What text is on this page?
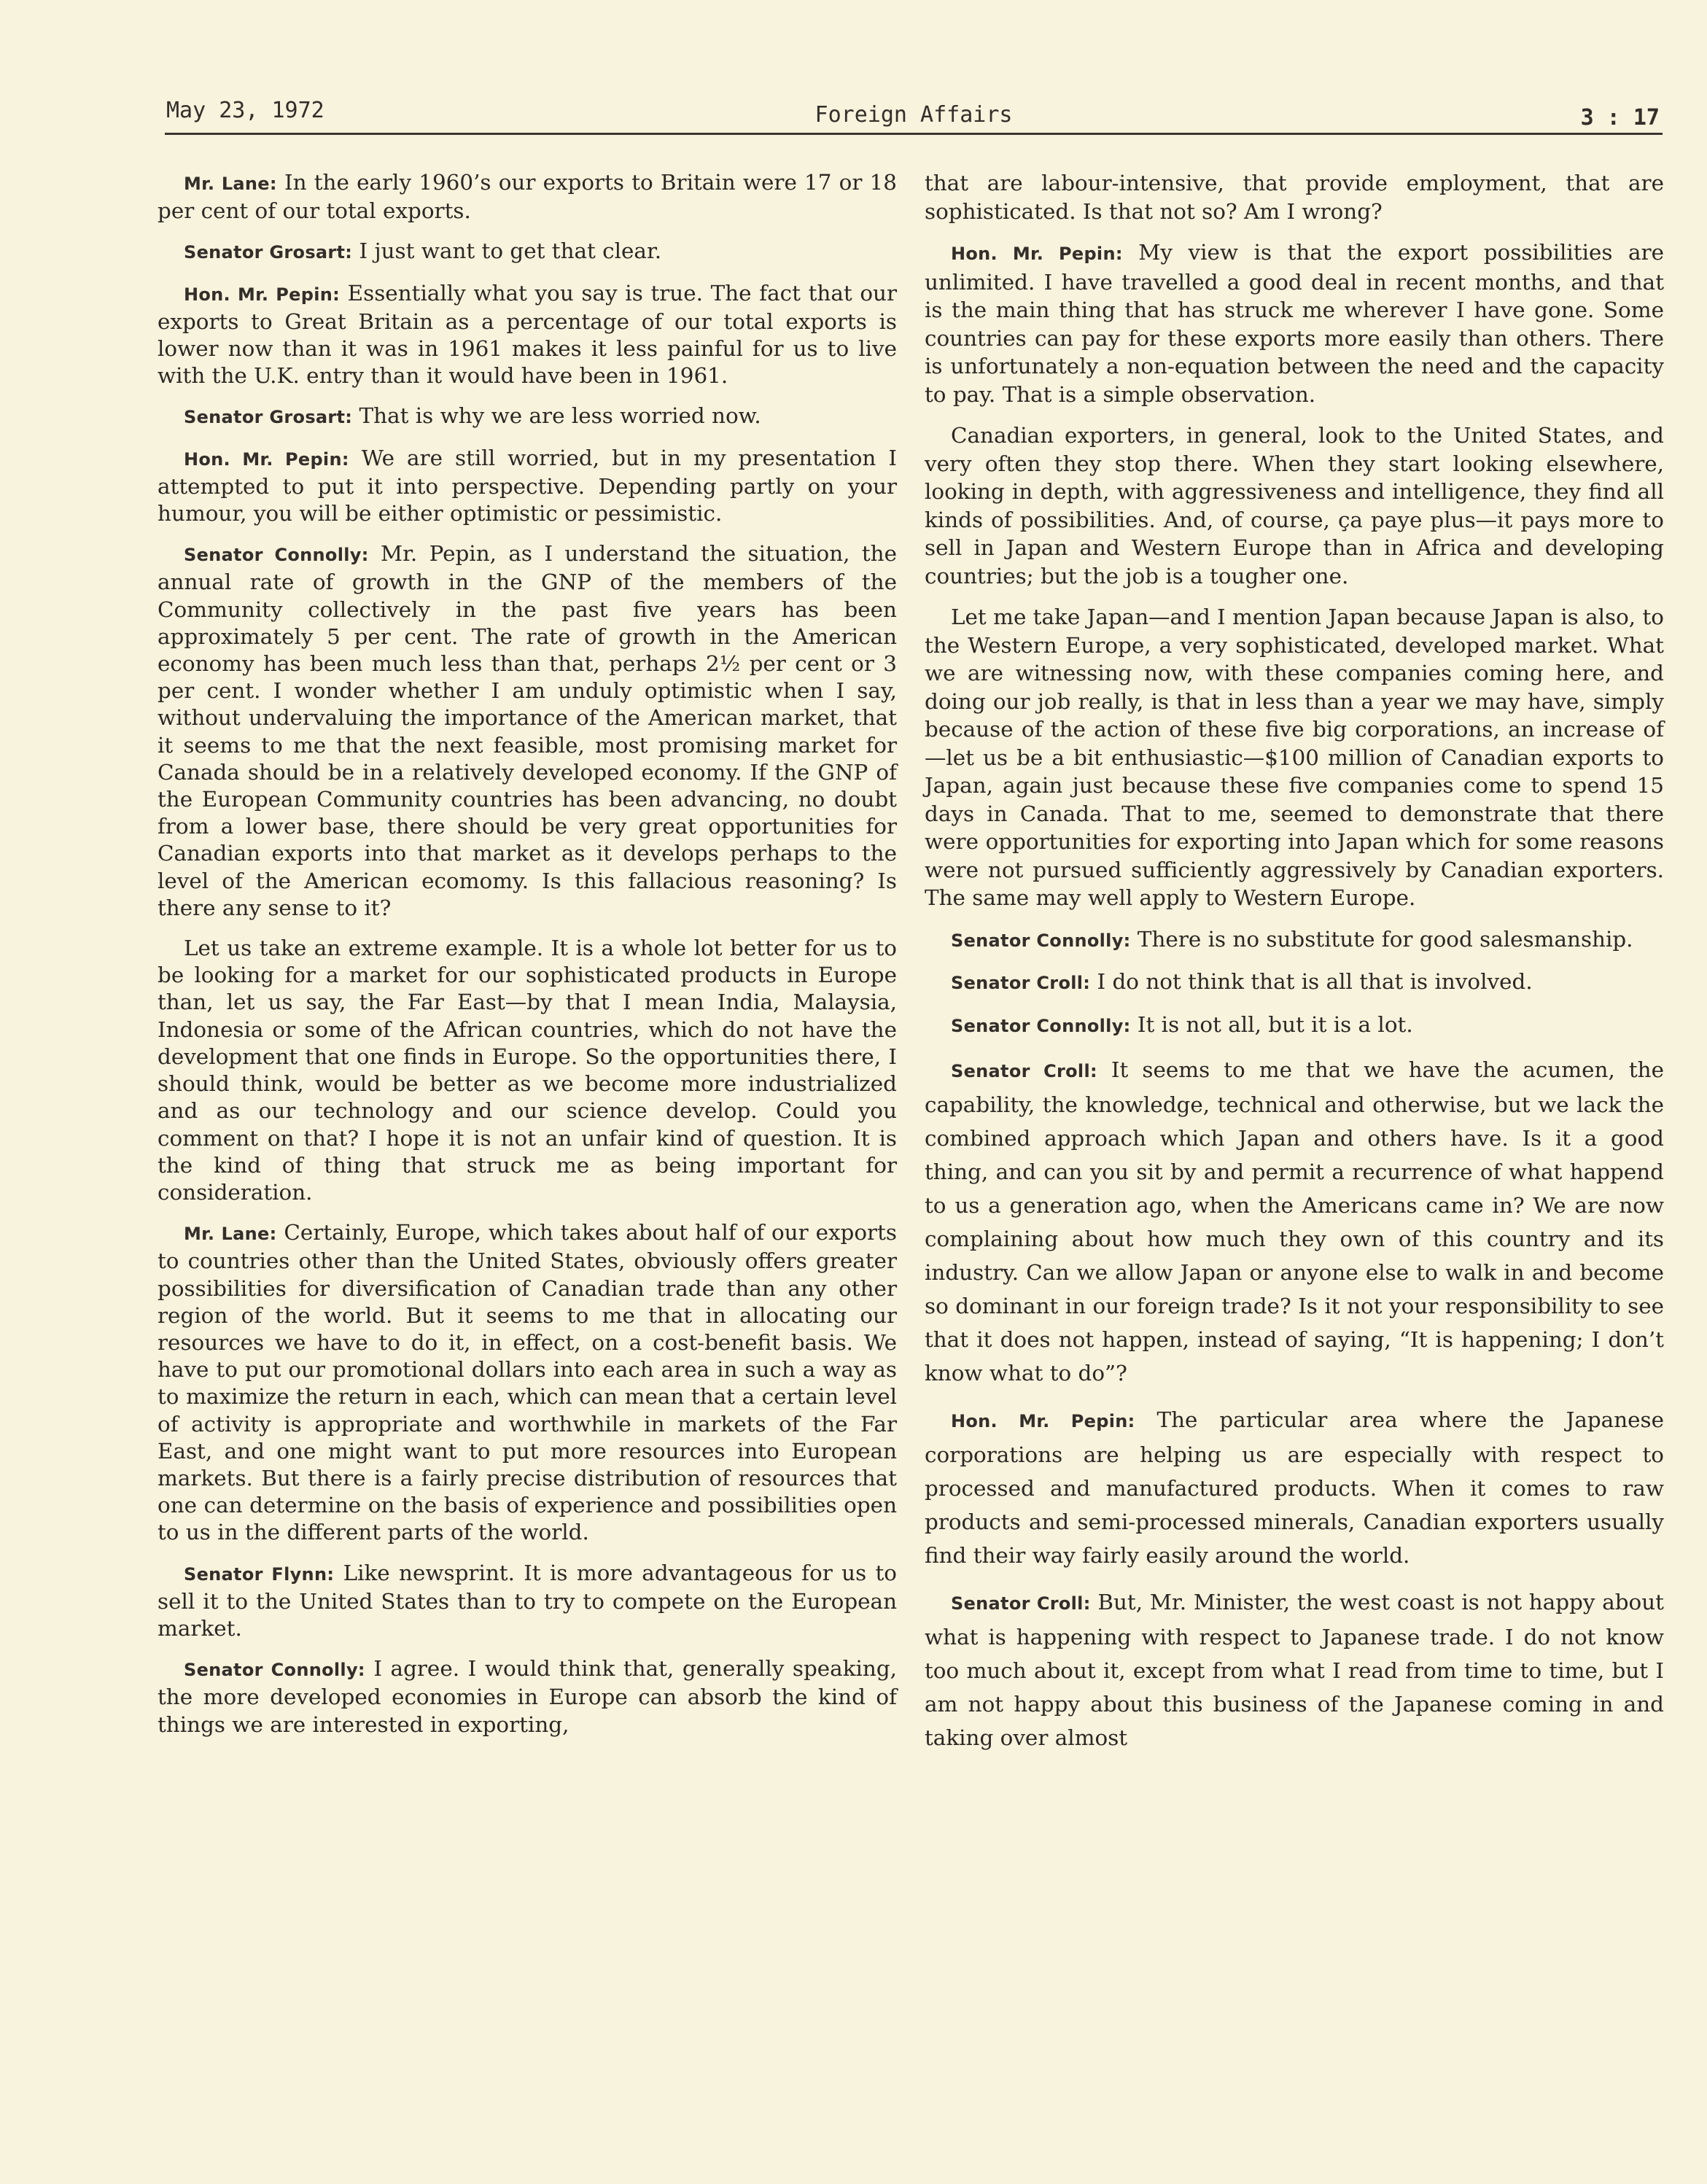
May 23, 1972	Foreign Affairs	3 : 17

Mr. Lane: In the early 1960’s our exports to Britain were 17 or 18 per cent of our total exports.

Senator Grosart: I just want to get that clear.

Hon. Mr. Pepin: Essentially what you say is true. The fact that our exports to Great Britain as a percentage of our total exports is lower now than it was in 1961 makes it less painful for us to live with the U.K. entry than it would have been in 1961.

Senator Grosart: That is why we are less worried now.

Hon. Mr. Pepin: We are still worried, but in my presentation I attempted to put it into perspective. Depending partly on your humour, you will be either optimistic or pessimistic.

Senator Connolly: Mr. Pepin, as I understand the situation, the annual rate of growth in the GNP of the members of the Community collectively in the past five years has been approximately 5 per cent. The rate of growth in the American economy has been much less than that, perhaps 2½ per cent or 3 per cent. I wonder whether I am unduly optimistic when I say, without undervaluing the importance of the American market, that it seems to me that the next feasible, most promising market for Canada should be in a relatively developed economy. If the GNP of the European Community countries has been advancing, no doubt from a lower base, there should be very great opportunities for Canadian exports into that market as it develops perhaps to the level of the American ecomomy. Is this fallacious reasoning? Is there any sense to it?

Let us take an extreme example. It is a whole lot better for us to be looking for a market for our sophisticated products in Europe than, let us say, the Far East—by that I mean India, Malaysia, Indonesia or some of the African countries, which do not have the development that one finds in Europe. So the opportunities there, I should think, would be better as we become more industrialized and as our technology and our science develop. Could you comment on that? I hope it is not an unfair kind of question. It is the kind of thing that struck me as being important for consideration.

Mr. Lane: Certainly, Europe, which takes about half of our exports to countries other than the United States, obviously offers greater possibilities for diversification of Canadian trade than any other region of the world. But it seems to me that in allocating our resources we have to do it, in effect, on a cost-benefit basis. We have to put our promotional dollars into each area in such a way as to maximize the return in each, which can mean that a certain level of activity is appropriate and worthwhile in markets of the Far East, and one might want to put more resources into European markets. But there is a fairly precise distribution of resources that one can determine on the basis of experience and possibilities open to us in the different parts of the world.

Senator Flynn: Like newsprint. It is more advantageous for us to sell it to the United States than to try to compete on the European market.

Senator Connolly: I agree. I would think that, generally speaking, the more developed economies in Europe can absorb the kind of things we are interested in exporting,

that are labour-intensive, that provide employment, that are sophisticated. Is that not so? Am I wrong?

Hon. Mr. Pepin: My view is that the export possibilities are unlimited. I have travelled a good deal in recent months, and that is the main thing that has struck me wherever I have gone. Some countries can pay for these exports more easily than others. There is unfortunately a non-equation between the need and the capacity to pay. That is a simple observation.

Canadian exporters, in general, look to the United States, and very often they stop there. When they start looking elsewhere, looking in depth, with aggressiveness and intelligence, they find all kinds of possibilities. And, of course, ça paye plus—it pays more to sell in Japan and Western Europe than in Africa and developing countries; but the job is a tougher one.

Let me take Japan—and I mention Japan because Japan is also, to the Western Europe, a very sophisticated, developed market. What we are witnessing now, with these companies coming here, and doing our job really, is that in less than a year we may have, simply because of the action of these five big corporations, an increase of—let us be a bit enthusiastic—$100 million of Canadian exports to Japan, again just because these five companies come to spend 15 days in Canada. That to me, seemed to demonstrate that there were opportunities for exporting into Japan which for some reasons were not pursued sufficiently aggressively by Canadian exporters. The same may well apply to Western Europe.

Senator Connolly: There is no substitute for good salesmanship.

Senator Croll: I do not think that is all that is involved.

Senator Connolly: It is not all, but it is a lot.

Senator Croll: It seems to me that we have the acumen, the capability, the knowledge, technical and otherwise, but we lack the combined approach which Japan and others have. Is it a good thing, and can you sit by and permit a recurrence of what happend to us a generation ago, when the Americans came in? We are now complaining about how much they own of this country and its industry. Can we allow Japan or anyone else to walk in and become so dominant in our foreign trade? Is it not your responsibility to see that it does not happen, instead of saying, “It is happening; I don’t know what to do”?

Hon. Mr. Pepin: The particular area where the Japanese corporations are helping us are especially with respect to processed and manufactured products. When it comes to raw products and semi-processed minerals, Canadian exporters usually find their way fairly easily around the world.

Senator Croll: But, Mr. Minister, the west coast is not happy about what is happening with respect to Japanese trade. I do not know too much about it, except from what I read from time to time, but I am not happy about this business of the Japanese coming in and taking over almost
